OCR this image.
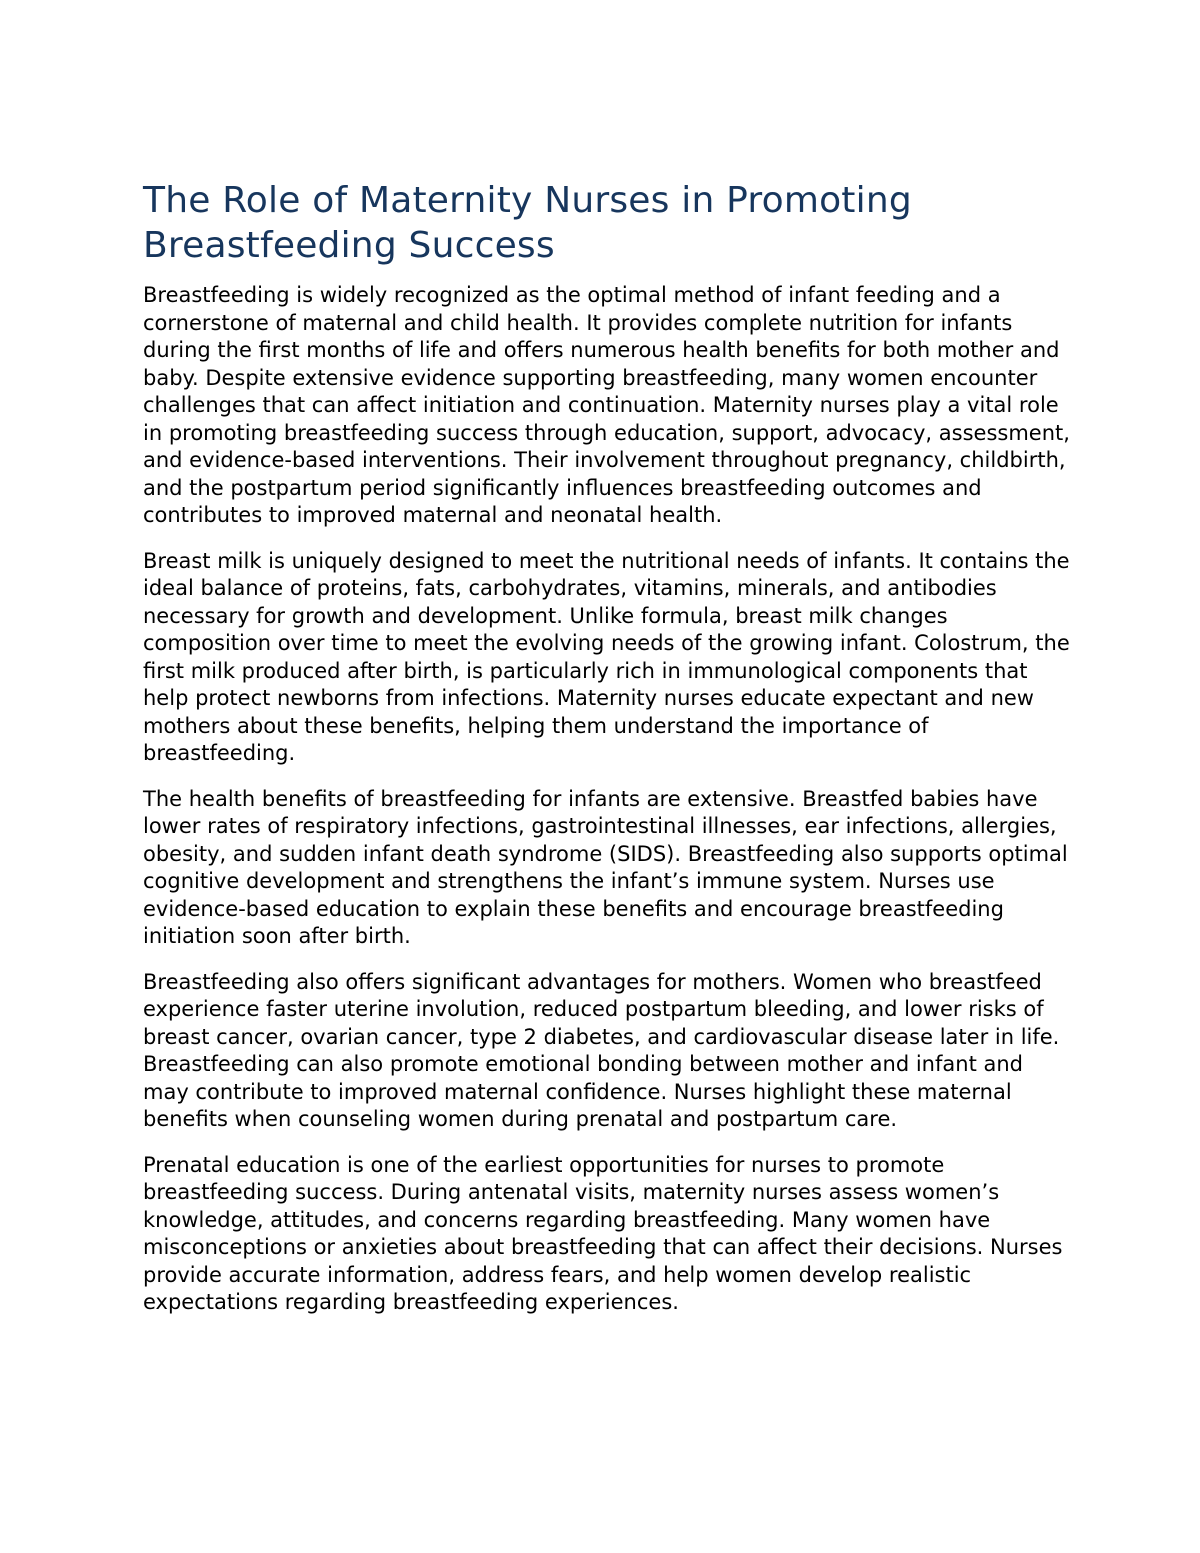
The Role of Maternity Nurses in Promoting Breastfeeding Success

Breastfeeding is widely recognized as the optimal method of infant feeding and a cornerstone of maternal and child health. It provides complete nutrition for infants during the first months of life and offers numerous health benefits for both mother and baby. Despite extensive evidence supporting breastfeeding, many women encounter challenges that can affect initiation and continuation. Maternity nurses play a vital role in promoting breastfeeding success through education, support, advocacy, assessment, and evidence-based interventions. Their involvement throughout pregnancy, childbirth, and the postpartum period significantly influences breastfeeding outcomes and contributes to improved maternal and neonatal health.

Breast milk is uniquely designed to meet the nutritional needs of infants. It contains the ideal balance of proteins, fats, carbohydrates, vitamins, minerals, and antibodies necessary for growth and development. Unlike formula, breast milk changes composition over time to meet the evolving needs of the growing infant. Colostrum, the first milk produced after birth, is particularly rich in immunological components that help protect newborns from infections. Maternity nurses educate expectant and new mothers about these benefits, helping them understand the importance of breastfeeding.

The health benefits of breastfeeding for infants are extensive. Breastfed babies have lower rates of respiratory infections, gastrointestinal illnesses, ear infections, allergies, obesity, and sudden infant death syndrome (SIDS). Breastfeeding also supports optimal cognitive development and strengthens the infant’s immune system. Nurses use evidence-based education to explain these benefits and encourage breastfeeding initiation soon after birth.

Breastfeeding also offers significant advantages for mothers. Women who breastfeed experience faster uterine involution, reduced postpartum bleeding, and lower risks of breast cancer, ovarian cancer, type 2 diabetes, and cardiovascular disease later in life. Breastfeeding can also promote emotional bonding between mother and infant and may contribute to improved maternal confidence. Nurses highlight these maternal benefits when counseling women during prenatal and postpartum care.

Prenatal education is one of the earliest opportunities for nurses to promote breastfeeding success. During antenatal visits, maternity nurses assess women’s knowledge, attitudes, and concerns regarding breastfeeding. Many women have misconceptions or anxieties about breastfeeding that can affect their decisions. Nurses provide accurate information, address fears, and help women develop realistic expectations regarding breastfeeding experiences.
